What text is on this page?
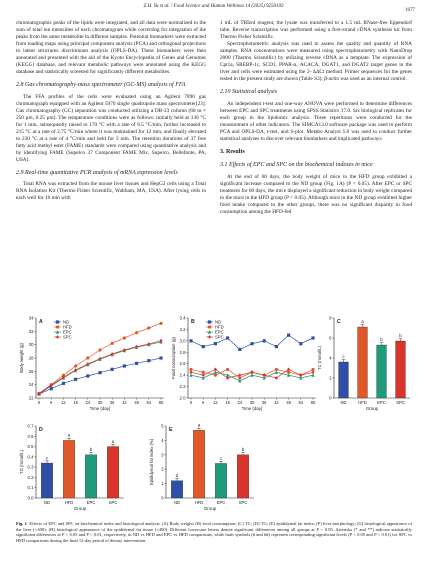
Z.H. Yu et al. / Food Science and Human Wellness 14 (2025) 9250103
1677

chromatographic peaks of the lipids were integrated, and all data were normalized to the sum of total ion intensities of each chromatogram while correcting for integration of the peaks from the same metabolite in different samples. Potential biomarkers were extracted from loading maps using principal component analysis (PCA) and orthogonal projections to latent structures discriminant analysis (OPLS-DA). These biomarkers were then annotated and presented with the aid of the Kyoto Encyclopedia of Genes and Genomes (KEGG) database, and relevant metabolic pathways were annotated using the KEGG database and statistically screened for significantly different metabolites.

2.8 Gas chromatography-mass spectrometer (GC-MS) analysis of FFA

The FFA profiles of the cells were evaluated using an Agilent 7890 gas chromatograph equipped with an Agilent 5970 single quadrupole mass spectrometer[23]. Gas chromatography (GC) separation was conducted utilizing a DB-23 column (60 m × 250 μm, 0.25 μm). The temperature conditions were as follows: initially held at 130 °C for 1 min, subsequently raised to 170 °C with a rate of 6.5 °C/min, further increased to 215 °C at a rate of 2.75 °C/min where it was maintained for 12 min, and finally elevated to 230 °C at a rate of 4 °C/min and held for 3 min. The retention durations of 37 free fatty acid methyl ester (FAME) standards were compared using quantitative analysis and by identifying FAME (Supelco 37 Component FAME Mix, Supelco, Bellefonte, PA, USA).

2.9 Real-time quantitative PCR analysis of mRNA expression levels

Total RNA was extracted from the mouse liver tissues and HepG2 cells using a Total RNA Isolation Kit (Thermo Fisher Scientific, Waltham, MA, USA). After lysing cells in each well for 10 min with

1 mL of TRIzol reagent, the lysate was transferred to a 1.5 mL RNase-free Eppendorf tube. Reverse transcription was performed using a first-strand cDNA synthesis kit from Thermo Fisher Scientific.

Spectrophotometric analysis was used to assess the quality and quantity of RNA samples. RNA concentrations were measured using spectrophotometry with NanoDrop 2000 (Thermo Scientific) by utilizing reverse cDNA as a template. The expression of Cpt1a, SREBP-1c, SCD1, PPAR-α, ACACA, DGAT1, and DGAT2 target genes in the liver and cells were estimated using the 2−ΔΔCt method. Primer sequences for the genes tested in the present study are shown (Table S3); β-actin was used as an internal control.

2.10 Statistical analysis

An independent t-test and one-way ANOVA were performed to determine differences between EPC and SPC treatments using SPSS Statistics 17.0. Six biological replicates for each group in the lipidomic analysis. Three repetitions were conducted for the measurement of other indicators. The SIMCA13.0 software package was used to perform PCA and OPLS-DA, t-test, and S-plot. Metabo Analyst 5.0 was used to conduct further statistical analyses to discover relevant biomarkers and implicated pathways.

3. Results
3.1 Effects of EPC and SPC on the biochemical indexes in mice

At the end of 60 days, the body weight of mice in the HFD group exhibited a significant increase compared to the ND group (Fig. 1A) (P < 0.05). After EPC or SPC treatment for 60 days, the mice displayed a significant reduction in body weight compared to the mice in the HFD group (P < 0.05). Although mice in the ND group exhibited higher food intake compared to the other groups, there was no significant disparity in food consumption among the HFD-fed

22
24
26
28
30
32
34
Body weight (g)
A
0 6 12 18 24 30 36 42 48 54 60
Time (day)
ND
HFD
EPC
SPC
2.0
2.2
2.4
2.6
2.8
3.0
3.2
3.4
Food consumption (g)
B
0 6 12 18 24 30 36 42 48 54 60
Time (day)
ND
HFD
EPC
SPC
0
2
4
6
8
TC (mmol/L)
C
c
ND
a
HFD
b
EPC
b
SPC
Group
0.0
0.1
0.2
0.3
0.4
0.5
0.6
0.7
TG (mmol/L)
D
c
ND
a
HFD
b
EPC
a
SPC
Group
0
1
2
3
4
5
Epididymal fat index (%)
E
d
ND
a
HFD
c
EPC
b
SPC
Group
Fig. 1 Effects of EPC and SPC on biochemical index and histological analysis. (A) Body weight; (B) food consumption; (C) TC; (D) TG; (E) epididymal fat index; (F) liver morphology; (G) histological appearance of the liver (×400); (H) histological appearance of the epididymal fat tissue (×400). Different lowercase letters denote significant differences among all groups at P < 0.05. Asterisks (* and **) indicate statistically significant differences at P < 0.05 and P < 0.01, respectively, in ND vs HFD and EPC vs HFD comparisons, while hash symbols (# and ##) represent corresponding significant levels (P < 0.05 and P < 0.01) for SPC vs HFD comparisons during the final 12-day period of dietary intervention.
